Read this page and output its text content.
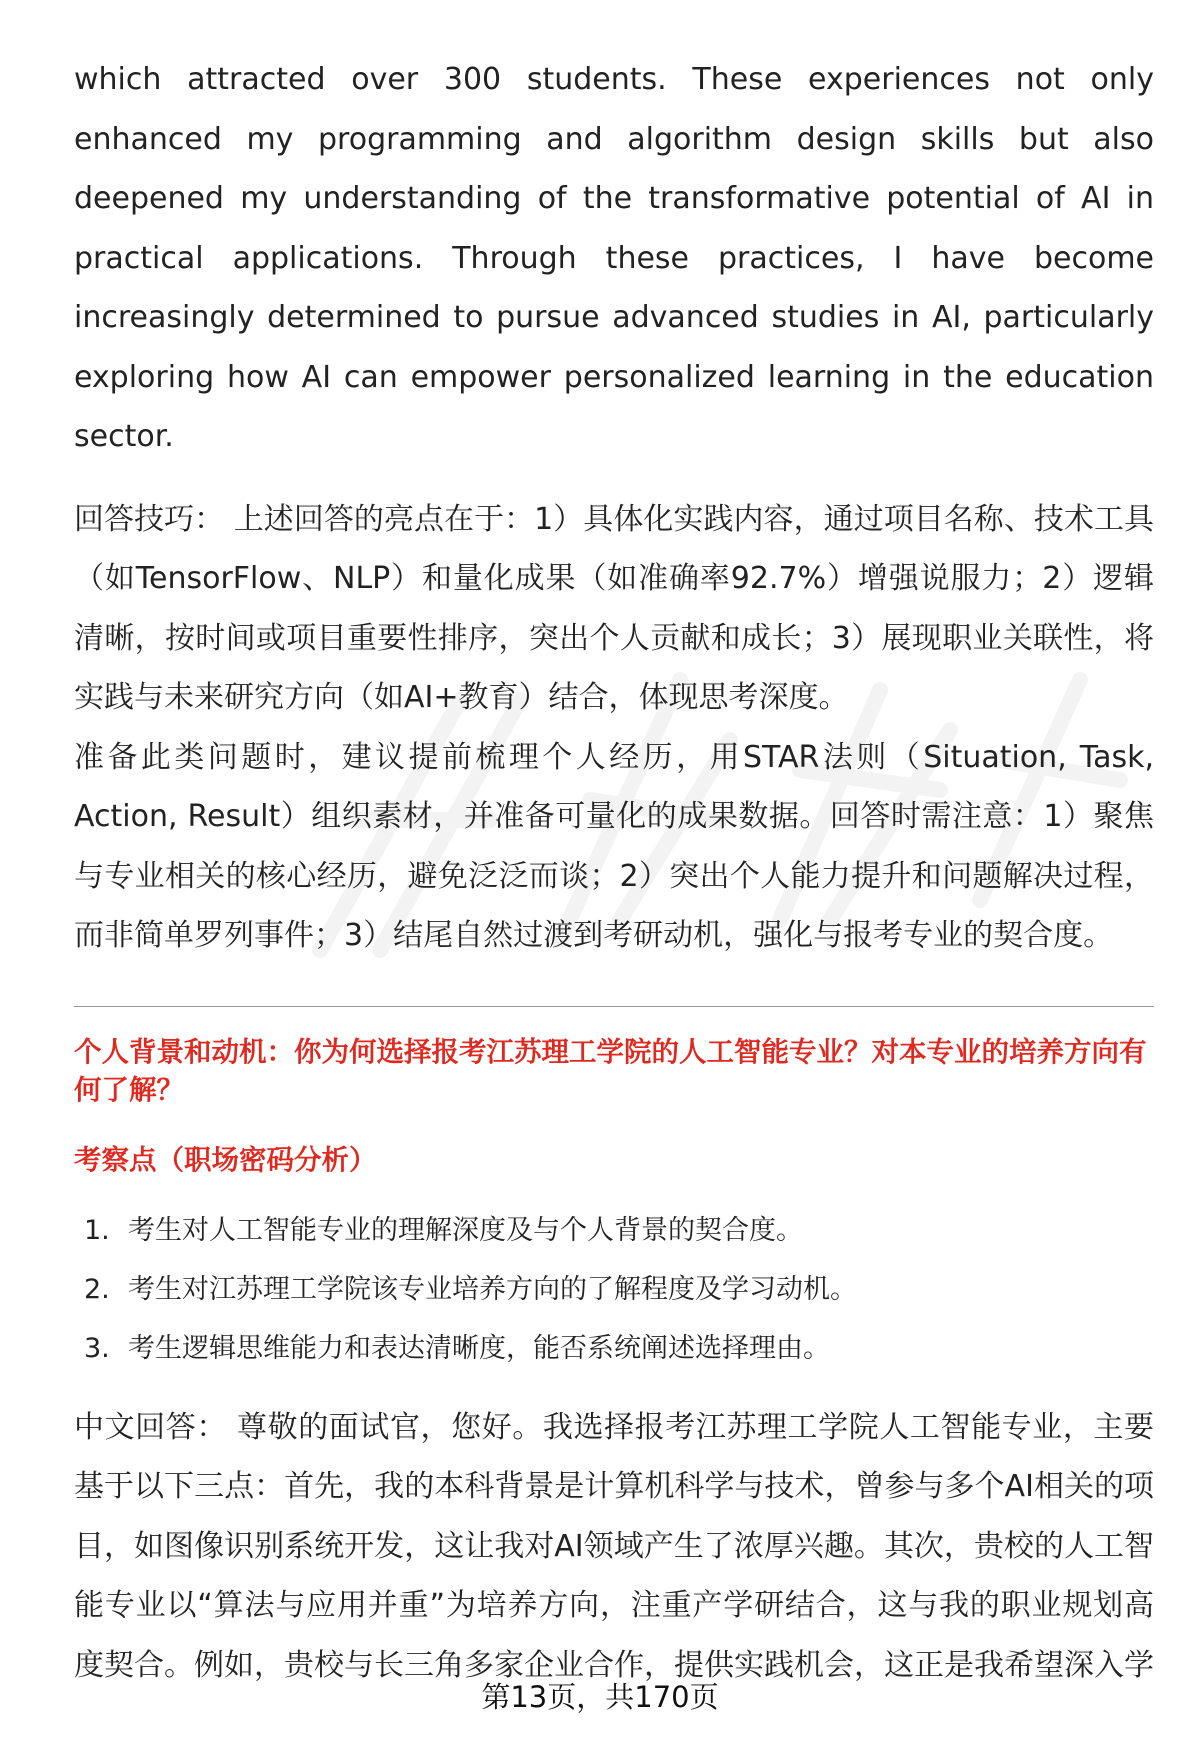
which attracted over 300 students. These experiences not only enhanced my programming and algorithm design skills but also deepened my understanding of the transformative potential of AI in practical applications. Through these practices, I have become increasingly determined to pursue advanced studies in AI, particularly exploring how AI can empower personalized learning in the education sector.

回答技巧： 上述回答的亮点在于：1）具体化实践内容，通过项目名称、技术工具（如TensorFlow、NLP）和量化成果（如准确率92.7%）增强说服力；2）逻辑清晰，按时间或项目重要性排序，突出个人贡献和成长；3）展现职业关联性，将实践与未来研究方向（如AI+教育）结合，体现思考深度。

准备此类问题时，建议提前梳理个人经历，用STAR法则（Situation, Task, Action, Result）组织素材，并准备可量化的成果数据。回答时需注意：1）聚焦与专业相关的核心经历，避免泛泛而谈；2）突出个人能力提升和问题解决过程，而非简单罗列事件；3）结尾自然过渡到考研动机，强化与报考专业的契合度。

个人背景和动机：你为何选择报考江苏理工学院的人工智能专业？对本专业的培养方向有何了解？

考察点（职场密码分析）

1. 考生对人工智能专业的理解深度及与个人背景的契合度。
2. 考生对江苏理工学院该专业培养方向的了解程度及学习动机。
3. 考生逻辑思维能力和表达清晰度，能否系统阐述选择理由。

中文回答： 尊敬的面试官，您好。我选择报考江苏理工学院人工智能专业，主要基于以下三点：首先，我的本科背景是计算机科学与技术，曾参与多个AI相关的项目，如图像识别系统开发，这让我对AI领域产生了浓厚兴趣。其次，贵校的人工智能专业以“算法与应用并重”为培养方向，注重产学研结合，这与我的职业规划高度契合。例如，贵校与长三角多家企业合作，提供实践机会，这正是我希望深入学

第13页，共170页
